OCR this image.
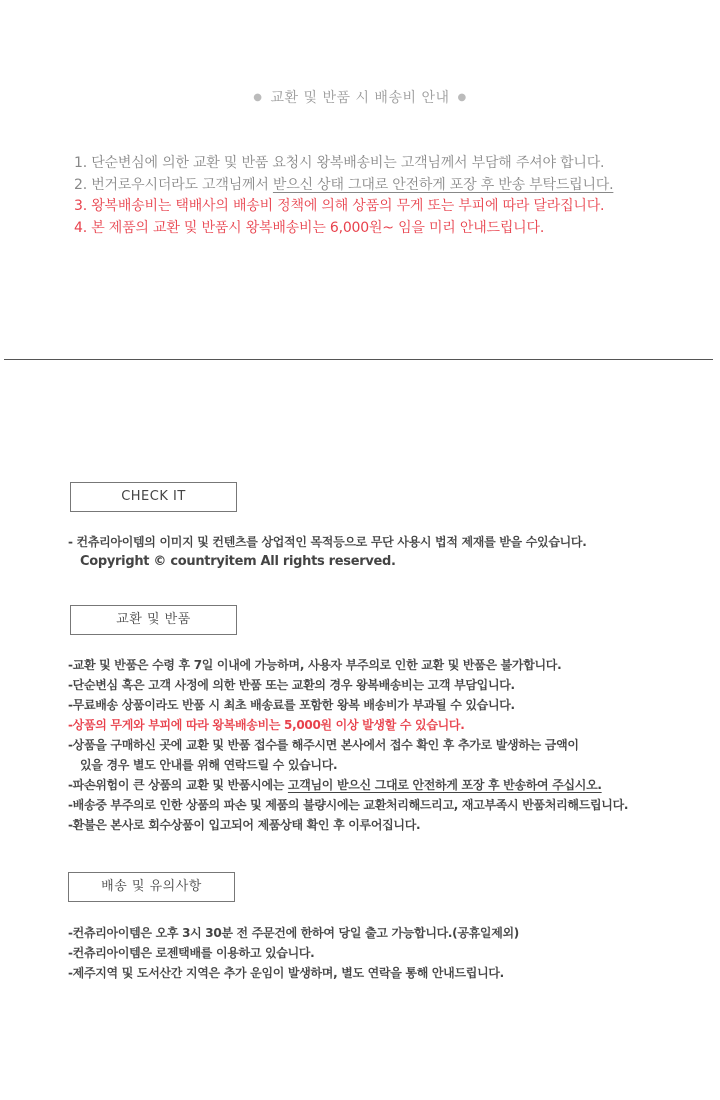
● 교환 및 반품 시 배송비 안내 ●
1. 단순변심에 의한 교환 및 반품 요청시 왕복배송비는 고객님께서 부담해 주셔야 합니다.
2. 번거로우시더라도 고객님께서 받으신 상태 그대로 안전하게 포장 후 반송 부탁드립니다.
3. 왕복배송비는 택배사의 배송비 정책에 의해 상품의 무게 또는 부피에 따라 달라집니다.
4. 본 제품의 교환 및 반품시 왕복배송비는 6,000원~ 임을 미리 안내드립니다.
CHECK IT
- 컨츄리아이템의 이미지 및 컨텐츠를 상업적인 목적등으로 무단 사용시 법적 제재를 받을 수있습니다.
Copyright © countryitem All rights reserved.
교환 및 반품
-교환 및 반품은 수령 후 7일 이내에 가능하며, 사용자 부주의로 인한 교환 및 반품은 불가합니다.
-단순변심 혹은 고객 사정에 의한 반품 또는 교환의 경우 왕복배송비는 고객 부담입니다.
-무료배송 상품이라도 반품 시 최초 배송료를 포함한 왕복 배송비가 부과될 수 있습니다.
-상품의 무게와 부피에 따라 왕복배송비는 5,000원 이상 발생할 수 있습니다.
-상품을 구매하신 곳에 교환 및 반품 접수를 해주시면 본사에서 접수 확인 후 추가로 발생하는 금액이
있을 경우 별도 안내를 위해 연락드릴 수 있습니다.
-파손위험이 큰 상품의 교환 및 반품시에는 고객님이 받으신 그대로 안전하게 포장 후 반송하여 주십시오.
-배송중 부주의로 인한 상품의 파손 및 제품의 불량시에는 교환처리해드리고, 재고부족시 반품처리해드립니다.
-환불은 본사로 회수상품이 입고되어 제품상태 확인 후 이루어집니다.
배송 및 유의사항
-컨츄리아이템은 오후 3시 30분 전 주문건에 한하여 당일 출고 가능합니다.(공휴일제외)
-컨츄리아이템은 로젠택배를 이용하고 있습니다.
-제주지역 및 도서산간 지역은 추가 운임이 발생하며, 별도 연락을 통해 안내드립니다.
